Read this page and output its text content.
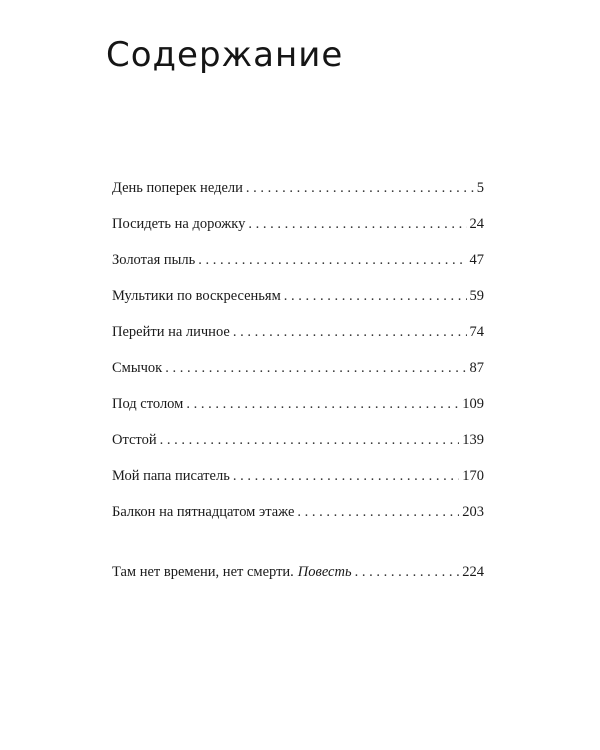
Содержание
День поперек недели . . .	5
Посидеть на дорожку . . .	24
Золотая пыль . . .	47
Мультики по воскресеньям . . .	59
Перейти на личное . . .	74
Смычок . . .	87
Под столом . . .	109
Отстой . . .	139
Мой папа писатель . . .	170
Балкон на пятнадцатом этаже . . .	203
Там нет времени, нет смерти. Повесть . . .	224
